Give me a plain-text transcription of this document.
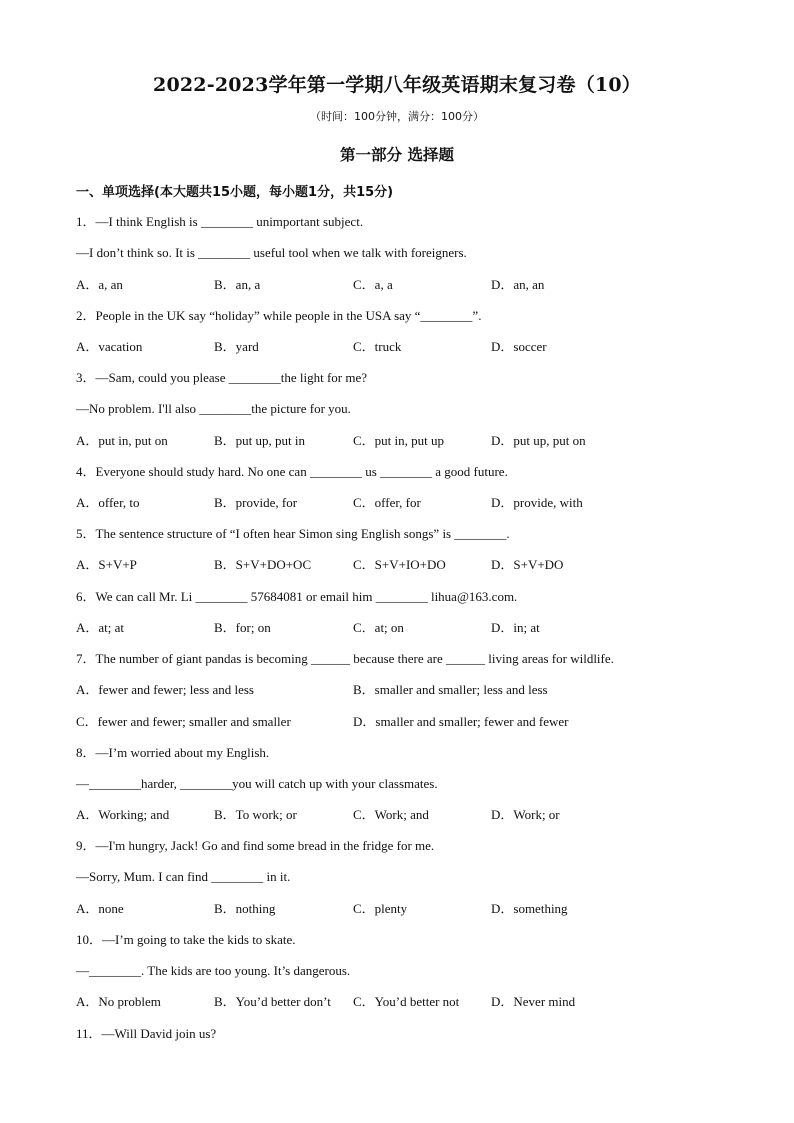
2022-2023学年第一学期八年级英语期末复习卷（10）
（时间：100分钟，满分：100分）
第一部分 选择题
一、单项选择(本大题共15小题，每小题1分，共15分)
1．—I think English is ________ unimportant subject.
—I don’t think so. It is ________ useful tool when we talk with foreigners.
A．a, an	B．an, a	C．a, a	D．an, an
2．People in the UK say “holiday” while people in the USA say “________”.
A．vacation	B．yard	C．truck	D．soccer
3．—Sam, could you please ________the light for me?
—No problem. I'll also ________the picture for you.
A．put in, put on	B．put up, put in	C．put in, put up	D．put up, put on
4．Everyone should study hard. No one can ________ us ________ a good future.
A．offer, to	B．provide, for	C．offer, for	D．provide, with
5．The sentence structure of “I often hear Simon sing English songs” is ________.
A．S+V+P	B．S+V+DO+OC	C．S+V+IO+DO	D．S+V+DO
6．We can call Mr. Li ________ 57684081 or email him ________ lihua@163.com.
A．at; at	B．for; on	C．at; on	D．in; at
7．The number of giant pandas is becoming ______ because there are ______ living areas for wildlife.
A．fewer and fewer; less and less	B．smaller and smaller; less and less
C．fewer and fewer; smaller and smaller	D．smaller and smaller; fewer and fewer
8．—I’m worried about my English.
—________harder, ________you will catch up with your classmates.
A．Working; and	B．To work; or	C．Work; and	D．Work; or
9．—I'm hungry, Jack! Go and find some bread in the fridge for me.
—Sorry, Mum. I can find ________ in it.
A．none	B．nothing	C．plenty	D．something
10．—I’m going to take the kids to skate.
—________. The kids are too young. It’s dangerous.
A．No problem	B．You’d better don’t C．You’d better not D．Never mind
11．—Will David join us?
